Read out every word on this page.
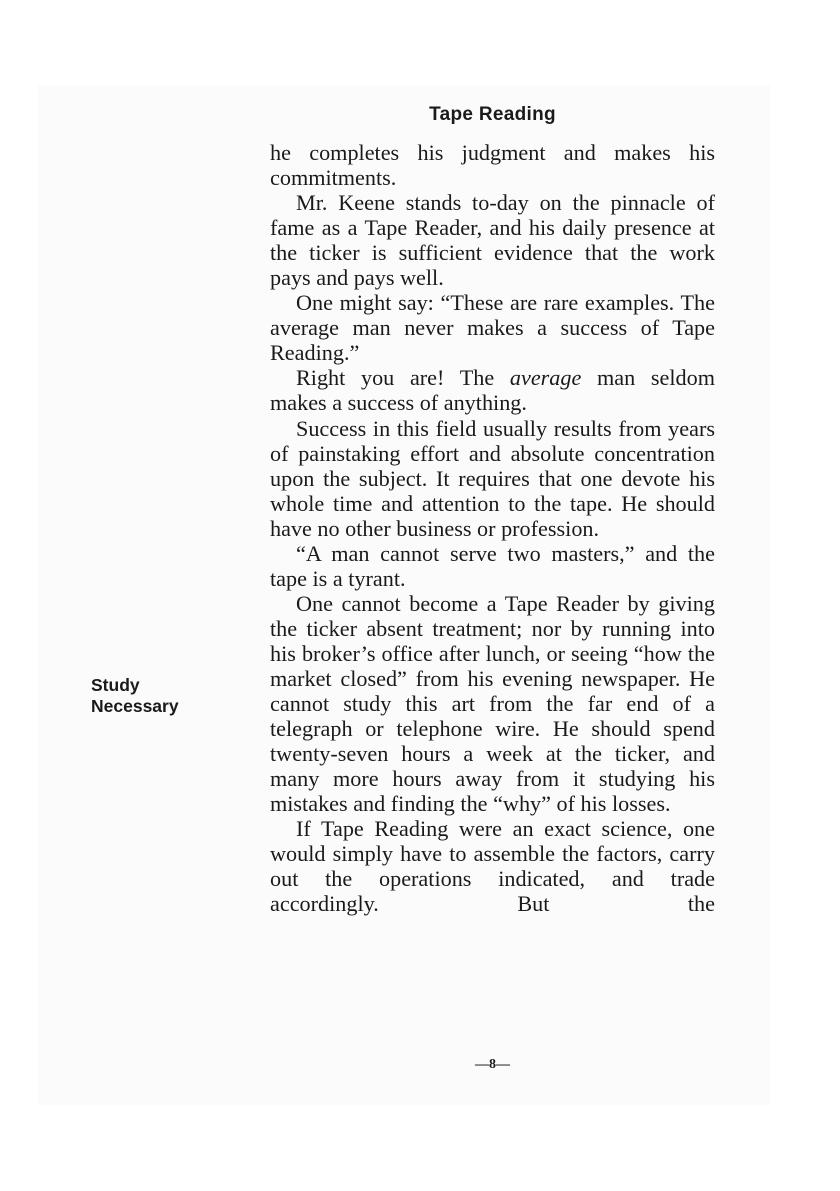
Tape Reading
Study
Necessary

he completes his judgment and makes his commitments.

Mr. Keene stands to-day on the pinnacle of fame as a Tape Reader, and his daily presence at the ticker is sufficient evidence that the work pays and pays well.

One might say: “These are rare examples. The average man never makes a success of Tape Reading.”

Right you are! The average man seldom makes a success of anything.

Success in this field usually results from years of painstaking effort and absolute concentration upon the subject. It requires that one devote his whole time and attention to the tape. He should have no other business or profession.

“A man cannot serve two masters,” and the tape is a tyrant.

One cannot become a Tape Reader by giving the ticker absent treatment; nor by running into his broker’s office after lunch, or seeing “how the market closed” from his evening newspaper. He cannot study this art from the far end of a telegraph or telephone wire. He should spend twenty-seven hours a week at the ticker, and many more hours away from it studying his mistakes and finding the “why” of his losses.

If Tape Reading were an exact science, one would simply have to assemble the factors, carry out the operations indicated, and trade accordingly. But the

—8—
